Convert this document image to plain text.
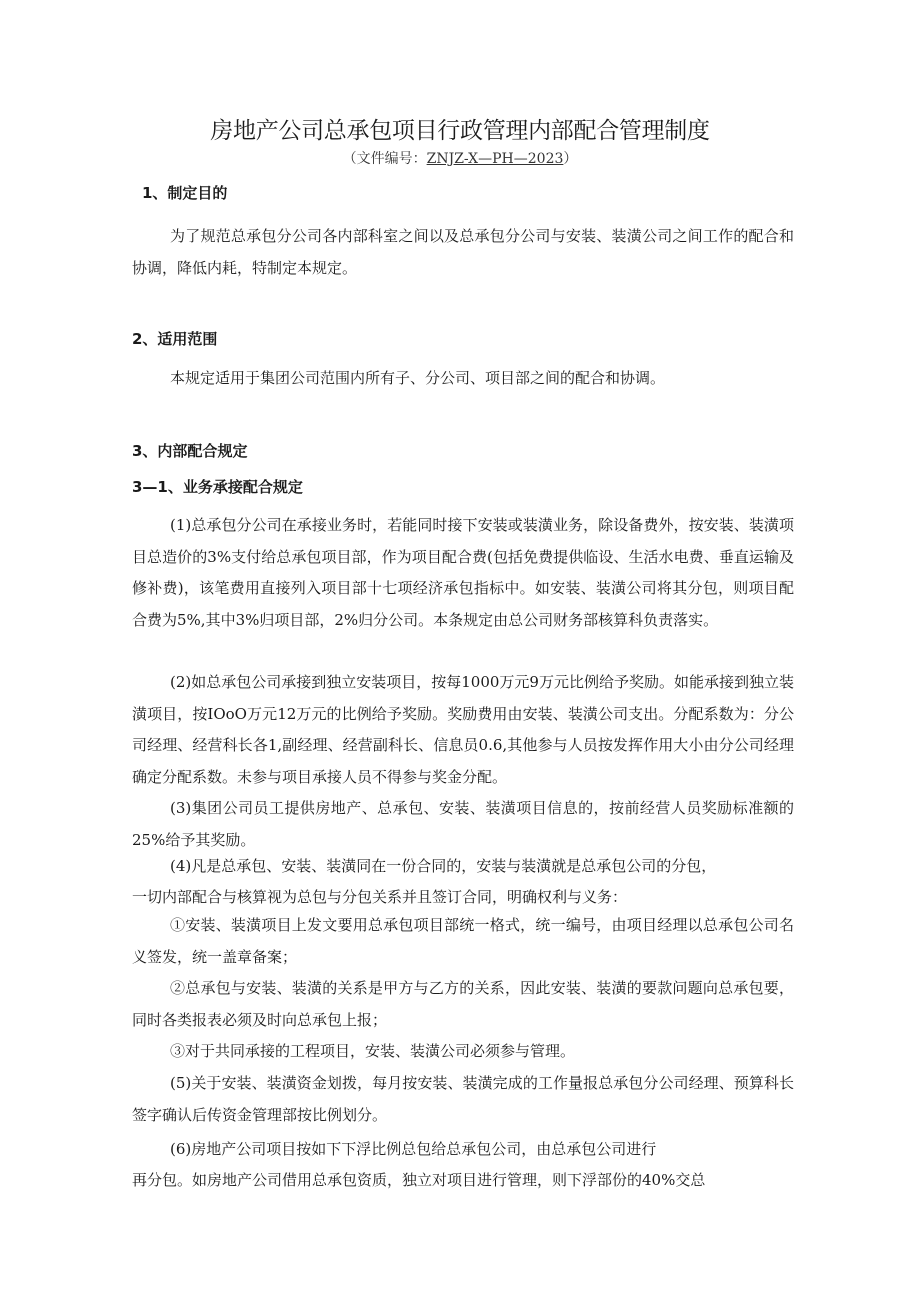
房地产公司总承包项目行政管理内部配合管理制度
（文件编号：ZNJZ-X—PH—2023）
1、制定目的

为了规范总承包分公司各内部科室之间以及总承包分公司与安装、装潢公司之间工作的配合和协调，降低内耗，特制定本规定。

2、适用范围

本规定适用于集团公司范围内所有子、分公司、项目部之间的配合和协调。

3、内部配合规定
3—1、业务承接配合规定

(1)总承包分公司在承接业务时，若能同时接下安装或装潢业务，除设备费外，按安装、装潢项目总造价的3%支付给总承包项目部，作为项目配合费(包括免费提供临设、生活水电费、垂直运输及修补费)，该笔费用直接列入项目部十七项经济承包指标中。如安装、装潢公司将其分包，则项目配合费为5%,其中3%归项目部，2%归分公司。本条规定由总公司财务部核算科负责落实。

(2)如总承包公司承接到独立安装项目，按每1000万元9万元比例给予奖励。如能承接到独立装潢项目，按IOoO万元12万元的比例给予奖励。奖励费用由安装、装潢公司支出。分配系数为：分公司经理、经营科长各1,副经理、经营副科长、信息员0.6,其他参与人员按发挥作用大小由分公司经理确定分配系数。未参与项目承接人员不得参与奖金分配。

(3)集团公司员工提供房地产、总承包、安装、装潢项目信息的，按前经营人员奖励标准额的25%给予其奖励。

(4)凡是总承包、安装、装潢同在一份合同的，安装与装潢就是总承包公司的分包，
一切内部配合与核算视为总包与分包关系并且签订合同，明确权利与义务：

①安装、装潢项目上发文要用总承包项目部统一格式，统一编号，由项目经理以总承包公司名义签发，统一盖章备案；

②总承包与安装、装潢的关系是甲方与乙方的关系，因此安装、装潢的要款问题向总承包要，同时各类报表必须及时向总承包上报；

③对于共同承接的工程项目，安装、装潢公司必须参与管理。

(5)关于安装、装潢资金划拨，每月按安装、装潢完成的工作量报总承包分公司经理、预算科长签字确认后传资金管理部按比例划分。

(6)房地产公司项目按如下下浮比例总包给总承包公司，由总承包公司进行
再分包。如房地产公司借用总承包资质，独立对项目进行管理，则下浮部份的40%交总
